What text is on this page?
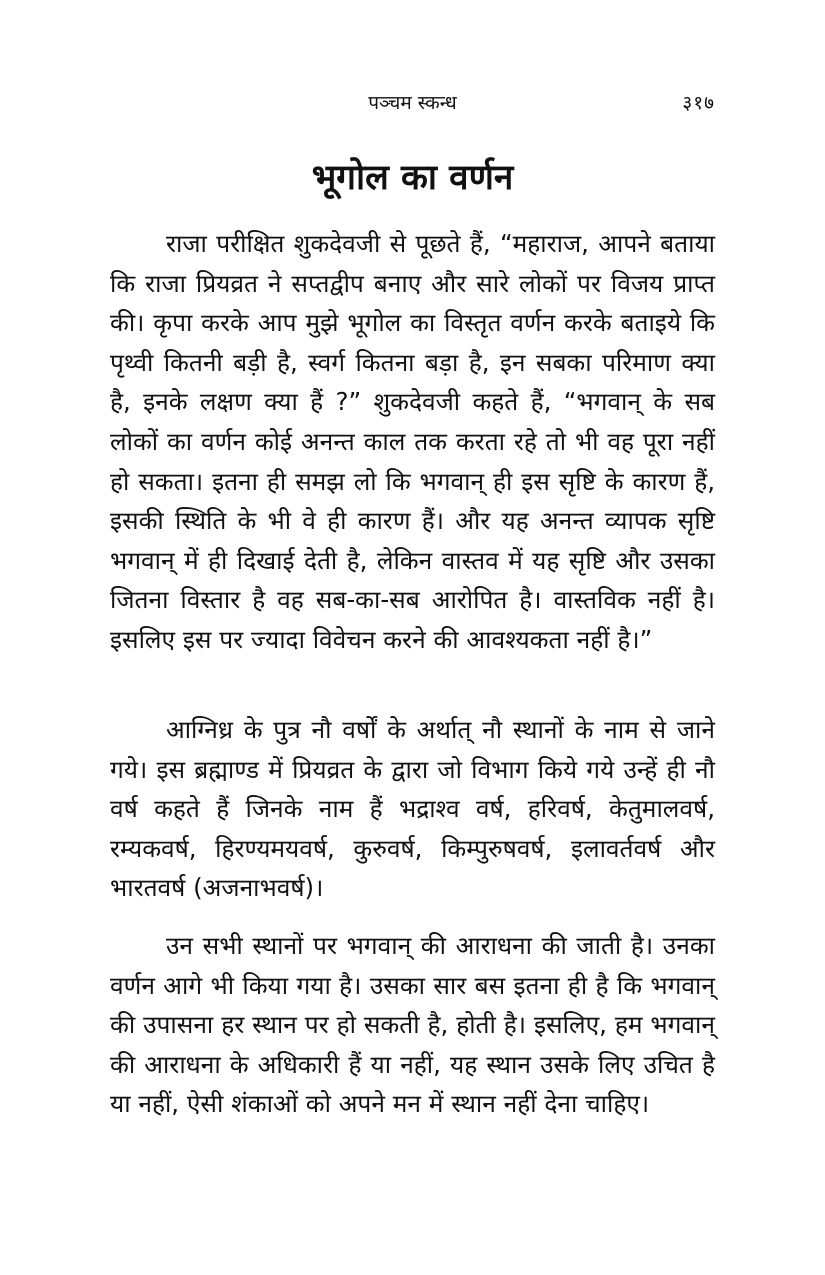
पञ्चम स्कन्ध	३१७
भूगोल का वर्णन

राजा परीक्षित शुकदेवजी से पूछते हैं, “महाराज, आपने बताया कि राजा प्रियव्रत ने सप्तद्वीप बनाए और सारे लोकों पर विजय प्राप्त की। कृपा करके आप मुझे भूगोल का विस्तृत वर्णन करके बताइये कि पृथ्वी कितनी बड़ी है, स्वर्ग कितना बड़ा है, इन सबका परिमाण क्या है, इनके लक्षण क्या हैं ?” शुकदेवजी कहते हैं, “भगवान् के सब लोकों का वर्णन कोई अनन्त काल तक करता रहे तो भी वह पूरा नहीं हो सकता। इतना ही समझ लो कि भगवान् ही इस सृष्टि के कारण हैं, इसकी स्थिति के भी वे ही कारण हैं। और यह अनन्त व्यापक सृष्टि भगवान् में ही दिखाई देती है, लेकिन वास्तव में यह सृष्टि और उसका जितना विस्तार है वह सब-का-सब आरोपित है। वास्तविक नहीं है। इसलिए इस पर ज्यादा विवेचन करने की आवश्यकता नहीं है।”

आग्निध्र के पुत्र नौ वर्षों के अर्थात् नौ स्थानों के नाम से जाने गये। इस ब्रह्माण्ड में प्रियव्रत के द्वारा जो विभाग किये गये उन्हें ही नौ वर्ष कहते हैं जिनके नाम हैं भद्राश्व वर्ष, हरिवर्ष, केतुमालवर्ष, रम्यकवर्ष, हिरण्यमयवर्ष, कुरुवर्ष, किम्पुरुषवर्ष, इलावर्तवर्ष और भारतवर्ष (अजनाभवर्ष)।

उन सभी स्थानों पर भगवान् की आराधना की जाती है। उनका वर्णन आगे भी किया गया है। उसका सार बस इतना ही है कि भगवान् की उपासना हर स्थान पर हो सकती है, होती है। इसलिए, हम भगवान् की आराधना के अधिकारी हैं या नहीं, यह स्थान उसके लिए उचित है या नहीं, ऐसी शंकाओं को अपने मन में स्थान नहीं देना चाहिए।
